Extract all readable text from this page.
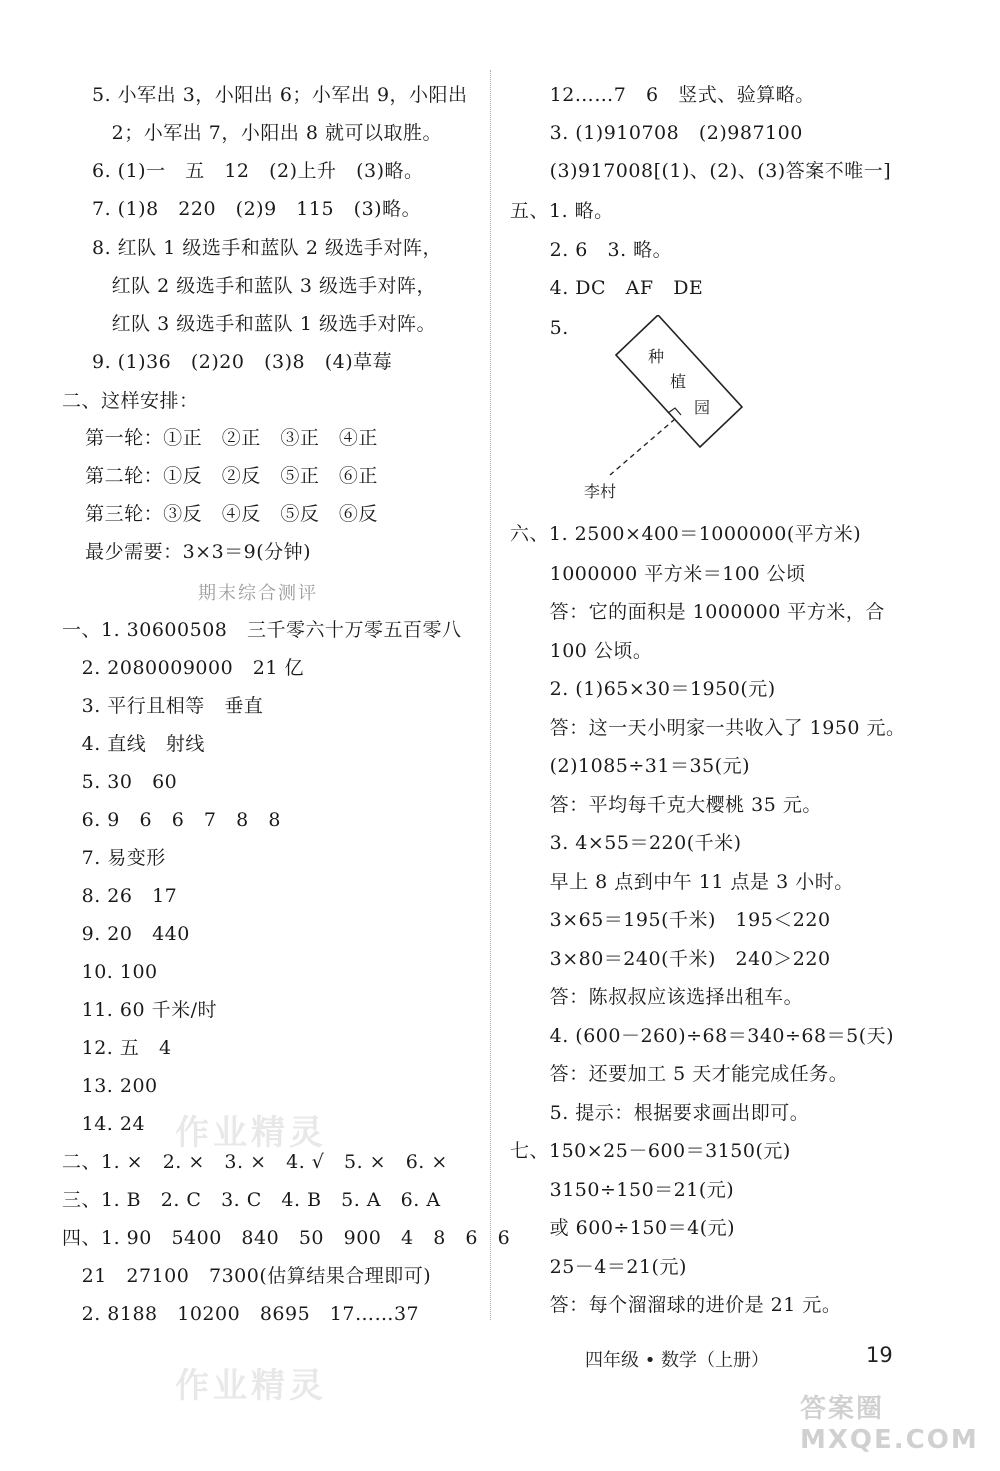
5. 小军出 3，小阳出 6；小军出 9，小阳出
2；小军出 7，小阳出 8 就可以取胜。
6. (1)一   五   12   (2)上升   (3)略。
7. (1)8   220   (2)9   115   (3)略。
8. 红队 1 级选手和蓝队 2 级选手对阵，
红队 2 级选手和蓝队 3 级选手对阵，
红队 3 级选手和蓝队 1 级选手对阵。
9. (1)36   (2)20   (3)8   (4)草莓
二、这样安排：
第一轮：①正   ②正   ③正   ④正
第二轮：①反   ②反   ⑤正   ⑥正
第三轮：③反   ④反   ⑤反   ⑥反
最少需要：3×3＝9(分钟)
期末综合测评
一、1. 30600508   三千零六十万零五百零八
2. 2080009000   21 亿
3. 平行且相等   垂直
4. 直线   射线
5. 30   60
6. 9   6   6   7   8   8
7. 易变形
8. 26   17
9. 20   440
10. 100
11. 60 千米/时
12. 五   4
13. 200
14. 24
二、1. ×   2. ×   3. ×   4. √   5. ×   6. ×
三、1. B   2. C   3. C   4. B   5. A   6. A
四、1. 90   5400   840   50   900   4   8   6   6
21   27100   7300(估算结果合理即可)
2. 8188   10200   8695   17……37
12……7   6   竖式、验算略。
3. (1)910708   (2)987100
(3)917008[(1)、(2)、(3)答案不唯一]
五、1. 略。
2. 6   3. 略。
4. DC   AF   DE
5.
种
植
园
李村
六、1. 2500×400＝1000000(平方米)
1000000 平方米＝100 公顷
答：它的面积是 1000000 平方米，合
100 公顷。
2. (1)65×30＝1950(元)
答：这一天小明家一共收入了 1950 元。
(2)1085÷31＝35(元)
答：平均每千克大樱桃 35 元。
3. 4×55＝220(千米)
早上 8 点到中午 11 点是 3 小时。
3×65＝195(千米)   195＜220
3×80＝240(千米)   240＞220
答：陈叔叔应该选择出租车。
4. (600－260)÷68＝340÷68＝5(天)
答：还要加工 5 天才能完成任务。
5. 提示：根据要求画出即可。
七、150×25－600＝3150(元)
3150÷150＝21(元)
或 600÷150＝4(元)
25－4＝21(元)
答：每个溜溜球的进价是 21 元。
作业精灵
作业精灵
答案圈 MXQE.COM
四年级 • 数学（上册）	19
